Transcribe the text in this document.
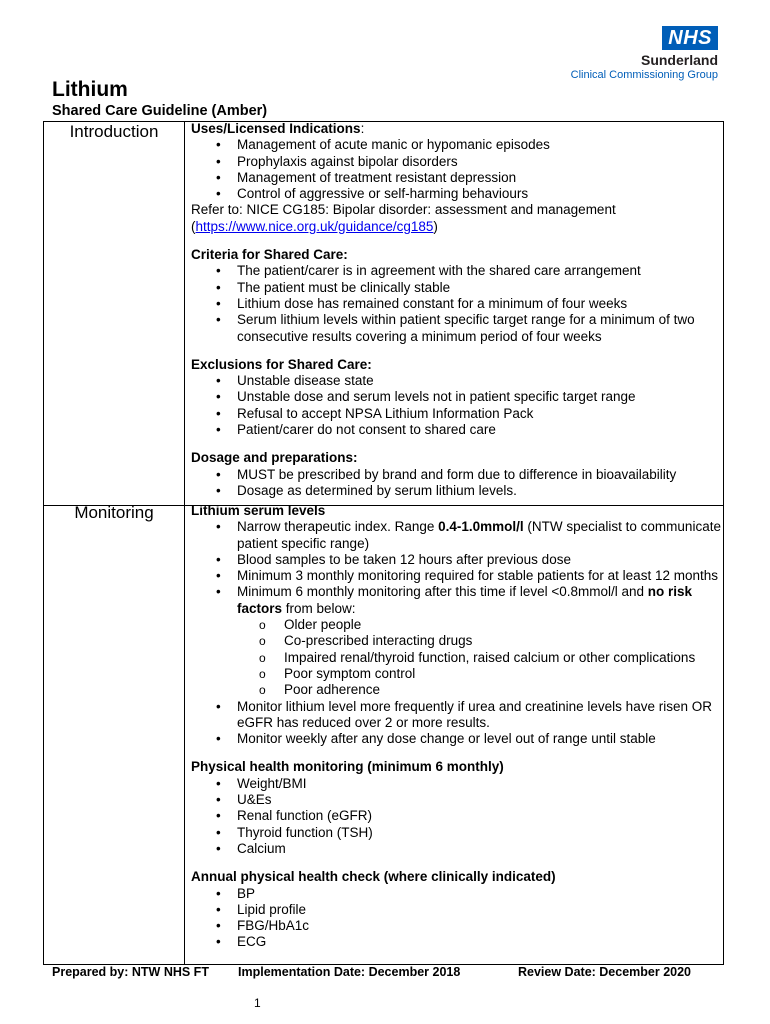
NHS
Sunderland
Clinical Commissioning Group
Lithium
Shared Care Guideline (Amber)
Introduction
Monitoring
Uses/Licensed Indications:
• Management of acute manic or hypomanic episodes
• Prophylaxis against bipolar disorders
• Management of treatment resistant depression
• Control of aggressive or self-harming behaviours

Refer to: NICE CG185: Bipolar disorder: assessment and management

(https://www.nice.org.uk/guidance/cg185)

Criteria for Shared Care:
• The patient/carer is in agreement with the shared care arrangement
• The patient must be clinically stable
• Lithium dose has remained constant for a minimum of four weeks
• Serum lithium levels within patient specific target range for a minimum of two consecutive results covering a minimum period of four weeks
Exclusions for Shared Care:
• Unstable disease state
• Unstable dose and serum levels not in patient specific target range
• Refusal to accept NPSA Lithium Information Pack
• Patient/carer do not consent to shared care
Dosage and preparations:
• MUST be prescribed by brand and form due to difference in bioavailability
• Dosage as determined by serum lithium levels.
Lithium serum levels
• Narrow therapeutic index. Range 0.4-1.0mmol/l (NTW specialist to communicate patient specific range)
• Blood samples to be taken 12 hours after previous dose
• Minimum 3 monthly monitoring required for stable patients for at least 12 months
• Minimum 6 monthly monitoring after this time if level <0.8mmol/l and no risk factors from below:
o Older people
o Co-prescribed interacting drugs
o Impaired renal/thyroid function, raised calcium or other complications
o Poor symptom control
o Poor adherence
• Monitor lithium level more frequently if urea and creatinine levels have risen OR eGFR has reduced over 2 or more results.
• Monitor weekly after any dose change or level out of range until stable
Physical health monitoring (minimum 6 monthly)
• Weight/BMI
• U&Es
• Renal function (eGFR)
• Thyroid function (TSH)
• Calcium
Annual physical health check (where clinically indicated)
• BP
• Lipid profile
• FBG/HbA1c
• ECG
Prepared by: NTW NHS FT Implementation Date: December 2018	Review Date: December 2020
1
